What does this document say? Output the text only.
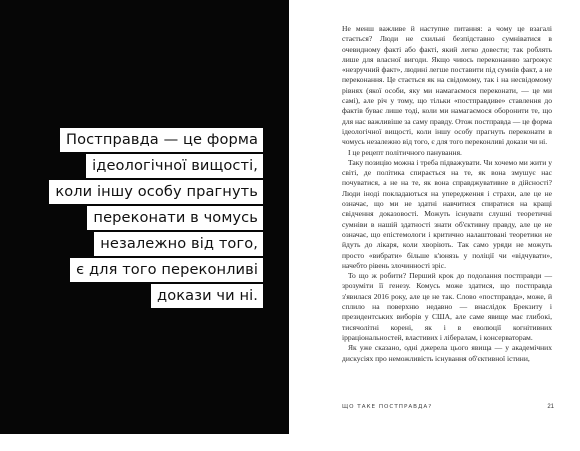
Постправда — це форма
ідеологічної вищості,
коли іншу особу прагнуть
переконати в чомусь
незалежно від того,
є для того переконливі
докази чи ні.

Не менш важливе й наступне питання: а чому це взагалі стається? Люди не схильні безпідставно сумніватися в очевидному факті або факті, який легко довести; так роблять лише для власної вигоди. Якщо чиюсь переконанню загрожує «незручний факт», людині легше поставити під сумнів факт, а не переконання. Це стається як на свідомому, так і на несвідомому рівнях (якої особи, яку ми намагаємося переконати, — це ми самі), але річ у тому, що тільки «постправдиве» ставлення до фактів буває лише тоді, коли ми намагаємося оборонити те, що для нас важливіше за саму правду. Отож постправда — це форма ідеологічної вищості, коли іншу особу прагнуть переконати в чомусь незалежно від того, є для того переконливі докази чи ні.

І це рецепт політичного панування.

Таку позицію можна і треба підважувати. Чи хочемо ми жити у світі, де політика спирається на те, як вона змушує нас почуватися, а не на те, як вона справджувативне в дійсності? Люди іноді покладаються на упередження і страхи, але це не означає, що ми не здатні навчитися спиратися на кращі свідчення доказовості. Можуть існувати слушні теоретичні сумніви в нашій здатності знати об'єктивну правду, але це не означає, що епістемологи і критично налаштовані теоретики не йдуть до лікаря, коли хворіють. Так само уряди не можуть просто «вибрати» більше к'юнязь у поліції чи «відчувати», начебто рівень злочинності зріс.

То що ж робити? Перший крок до подолання постправди — зрозуміти її генезу. Комусь може здатися, що постправда з'явилася 2016 року, але це не так. Слово «постправда», може, й сплило на поверхню недавно — внаслідок Брекзиту і президентських виборів у США, але саме явище має глибокі, тисячолітні корені, як і в еволюції когнітивних ірраціональностей, властивих і лібералам, і консерваторам.

Як уже сказано, одні джерела цього явища — у академічних дискусіях про неможливість існування об'єктивної істини,

ЩО ТАКЕ ПОСТПРАВДА?	21
